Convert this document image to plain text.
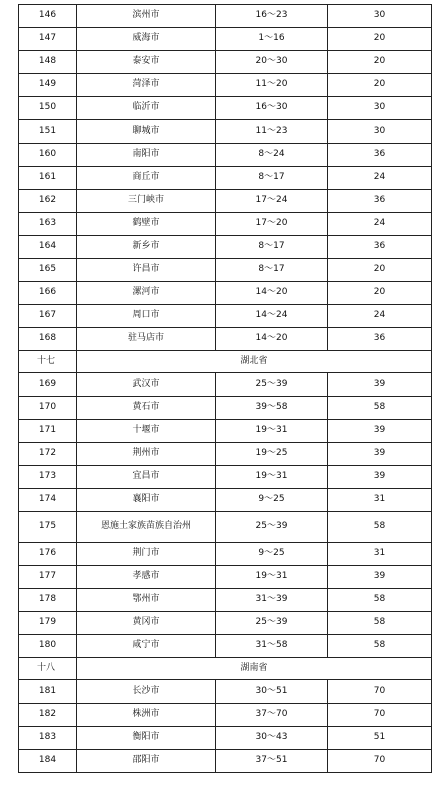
146	滨州市	16～23	30
147	威海市	1～16	20
148	泰安市	20～30	20
149	菏泽市	11～20	20
150	临沂市	16～30	30
151	聊城市	11～23	30
160	南阳市	8～24	36
161	商丘市	8～17	24
162	三门峡市	17～24	36
163	鹤壁市	17～20	24
164	新乡市	8～17	36
165	许昌市	8～17	20
166	漯河市	14～20	20
167	周口市	14～24	24
168	驻马店市	14～20	36
十七	湖北省		
169	武汉市	25～39	39
170	黄石市	39～58	58
171	十堰市	19～31	39
172	荆州市	19～25	39
173	宜昌市	19～31	39
174	襄阳市	9～25	31
175	恩施土家族苗族自治州	25～39	58
176	荆门市	9～25	31
177	孝感市	19～31	39
178	鄂州市	31～39	58
179	黄冈市	25～39	58
180	咸宁市	31～58	58
十八	湖南省		
181	长沙市	30～51	70
182	株洲市	37～70	70
183	衡阳市	30～43	51
184	邵阳市	37～51	70
